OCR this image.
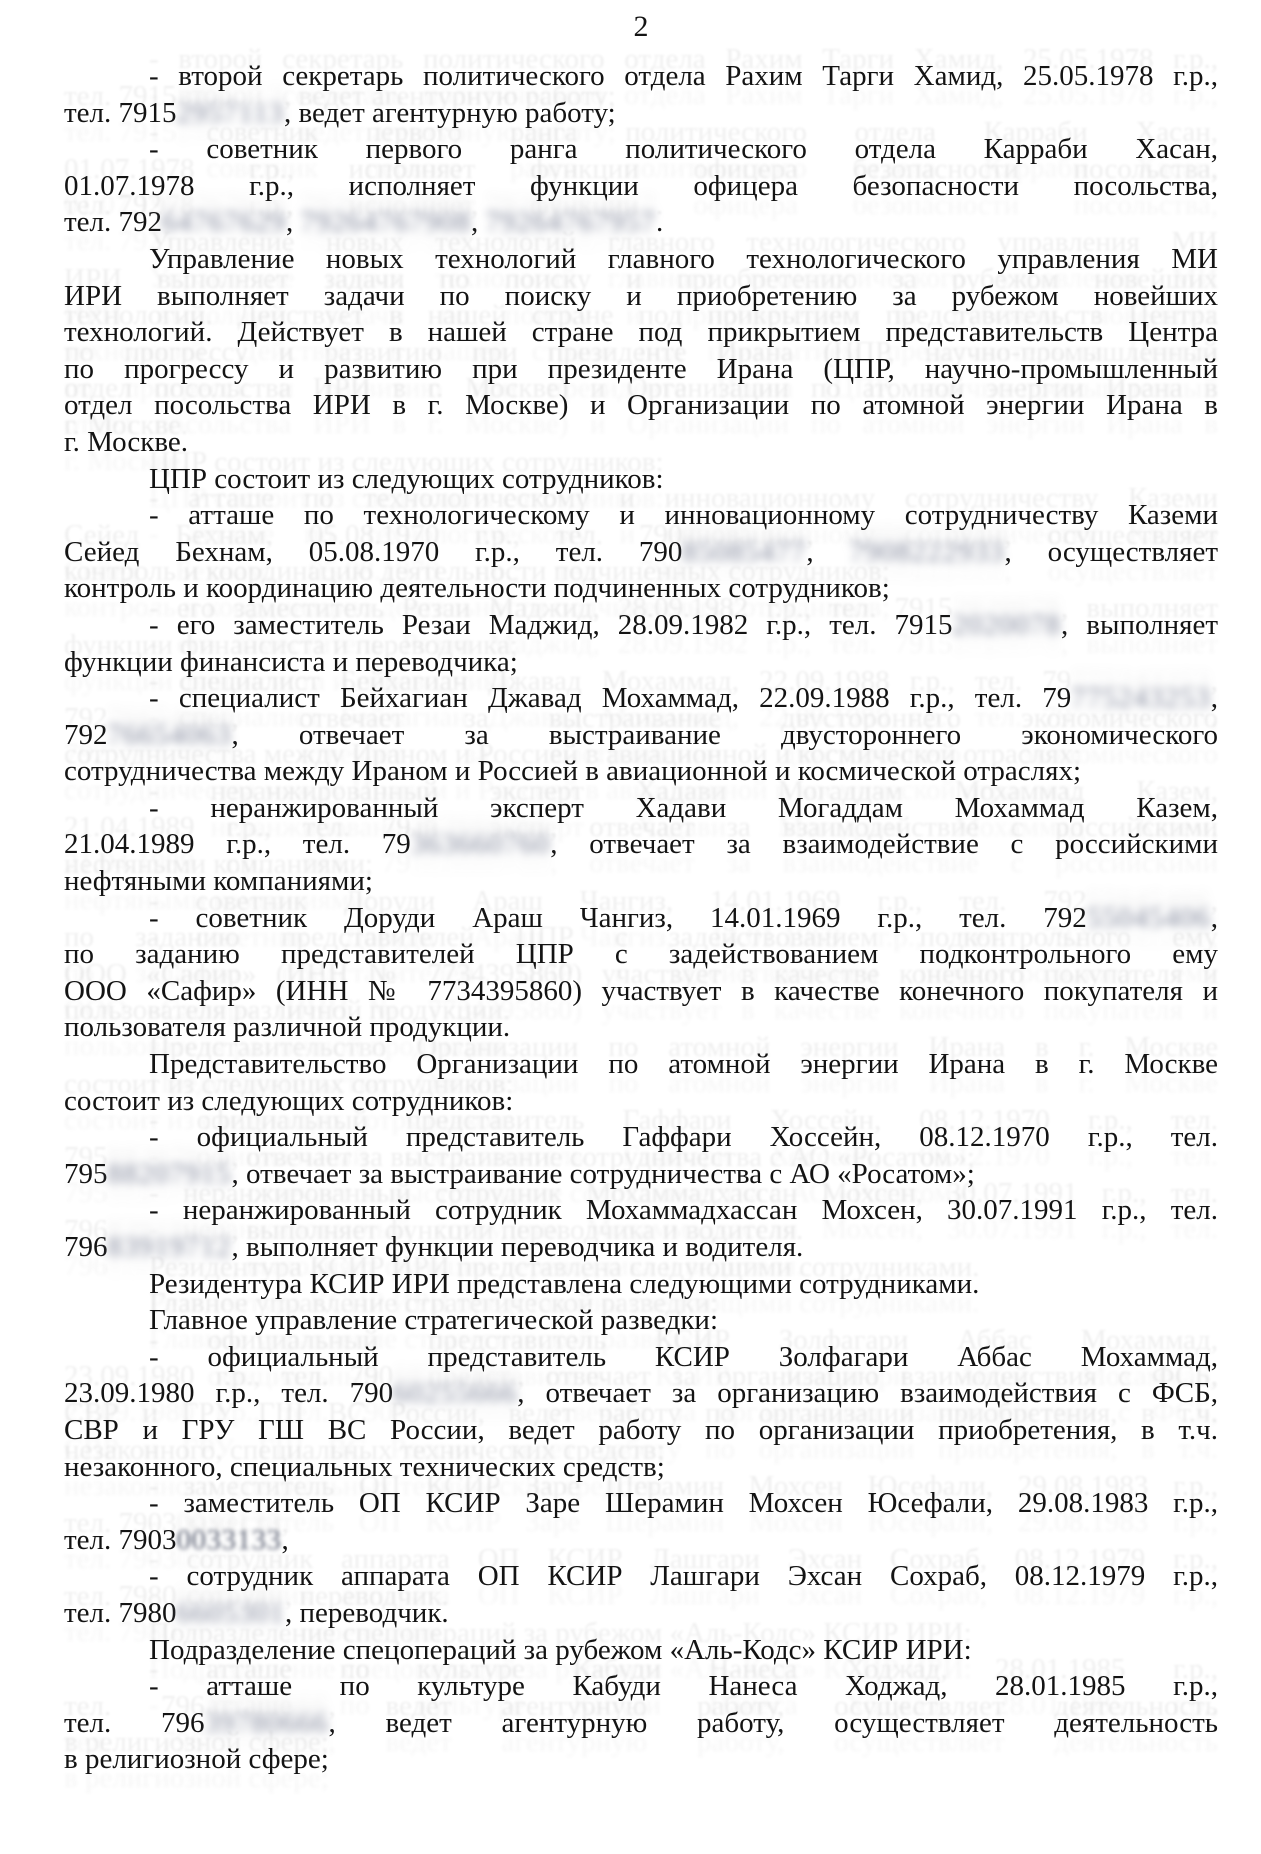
2
- второй секретарь политического отдела Рахим Тарги Хамид, 25.05.1978 г.р.,
тел. 79152957113, ведет агентурную работу;
- советник первого ранга политического отдела Карраби Хасан,
01.07.1978 г.р., исполняет функции офицера безопасности посольства,
тел. 79264767629, 79264767908, 79264767957.
Управление новых технологий главного технологического управления МИ
ИРИ выполняет задачи по поиску и приобретению за рубежом новейших
технологий. Действует в нашей стране под прикрытием представительств Центра
по прогрессу и развитию при президенте Ирана (ЦПР, научно-промышленный
отдел посольства ИРИ в г. Москве) и Организации по атомной энергии Ирана в
г. Москве.
ЦПР состоит из следующих сотрудников:
- атташе по технологическому и инновационному сотрудничеству Каземи
Сейед Бехнам, 05.08.1970 г.р., тел. 79085085477, 7908222933, осуществляет
контроль и координацию деятельности подчиненных сотрудников;
- его заместитель Резаи Маджид, 28.09.1982 г.р., тел. 79152020078, выполняет
функции финансиста и переводчика;
- специалист Бейхагиан Джавад Мохаммад, 22.09.1988 г.р., тел. 79775243253,
79276654063, отвечает за выстраивание двустороннего экономического
сотрудничества между Ираном и Россией в авиационной и космической отраслях;
- неранжированный эксперт Хадави Могаддам Мохаммад Казем,
21.04.1989 г.р., тел. 79363660760, отвечает за взаимодействие с российскими
нефтяными компаниями;
- советник Доруди Араш Чангиз, 14.01.1969 г.р., тел. 79255045406,
по заданию представителей ЦПР с задействованием подконтрольного ему
ООО «Сафир» (ИНН № 7734395860) участвует в качестве конечного покупателя и
пользователя различной продукции.
Представительство Организации по атомной энергии Ирана в г. Москве
состоит из следующих сотрудников:
- официальный представитель Гаффари Хоссейн, 08.12.1970 г.р., тел.
79588207915, отвечает за выстраивание сотрудничества с АО «Росатом»;
- неранжированный сотрудник Мохаммадхассан Мохсен, 30.07.1991 г.р., тел.
79683919712, выполняет функции переводчика и водителя.
Резидентура КСИР ИРИ представлена следующими сотрудниками.
Главное управление стратегической разведки:
- официальный представитель КСИР Золфагари Аббас Мохаммад,
23.09.1980 г.р., тел. 79060255666, отвечает за организацию взаимодействия с ФСБ,
СВР и ГРУ ГШ ВС России, ведет работу по организации приобретения, в т.ч.
незаконного, специальных технических средств;
- заместитель ОП КСИР Заре Шерамин Мохсен Юсефали, 29.08.1983 г.р.,
тел. 79030033133,
- сотрудник аппарата ОП КСИР Лашгари Эхсан Сохраб, 08.12.1979 г.р.,
тел. 79806605301, переводчик.
Подразделение спецопераций за рубежом «Аль-Кодс» КСИР ИРИ:
- атташе по культуре Кабуди Нанеса Ходжад, 28.01.1985 г.р.,
тел. 79639780666, ведет агентурную работу, осуществляет деятельность
в религиозной сфере;
